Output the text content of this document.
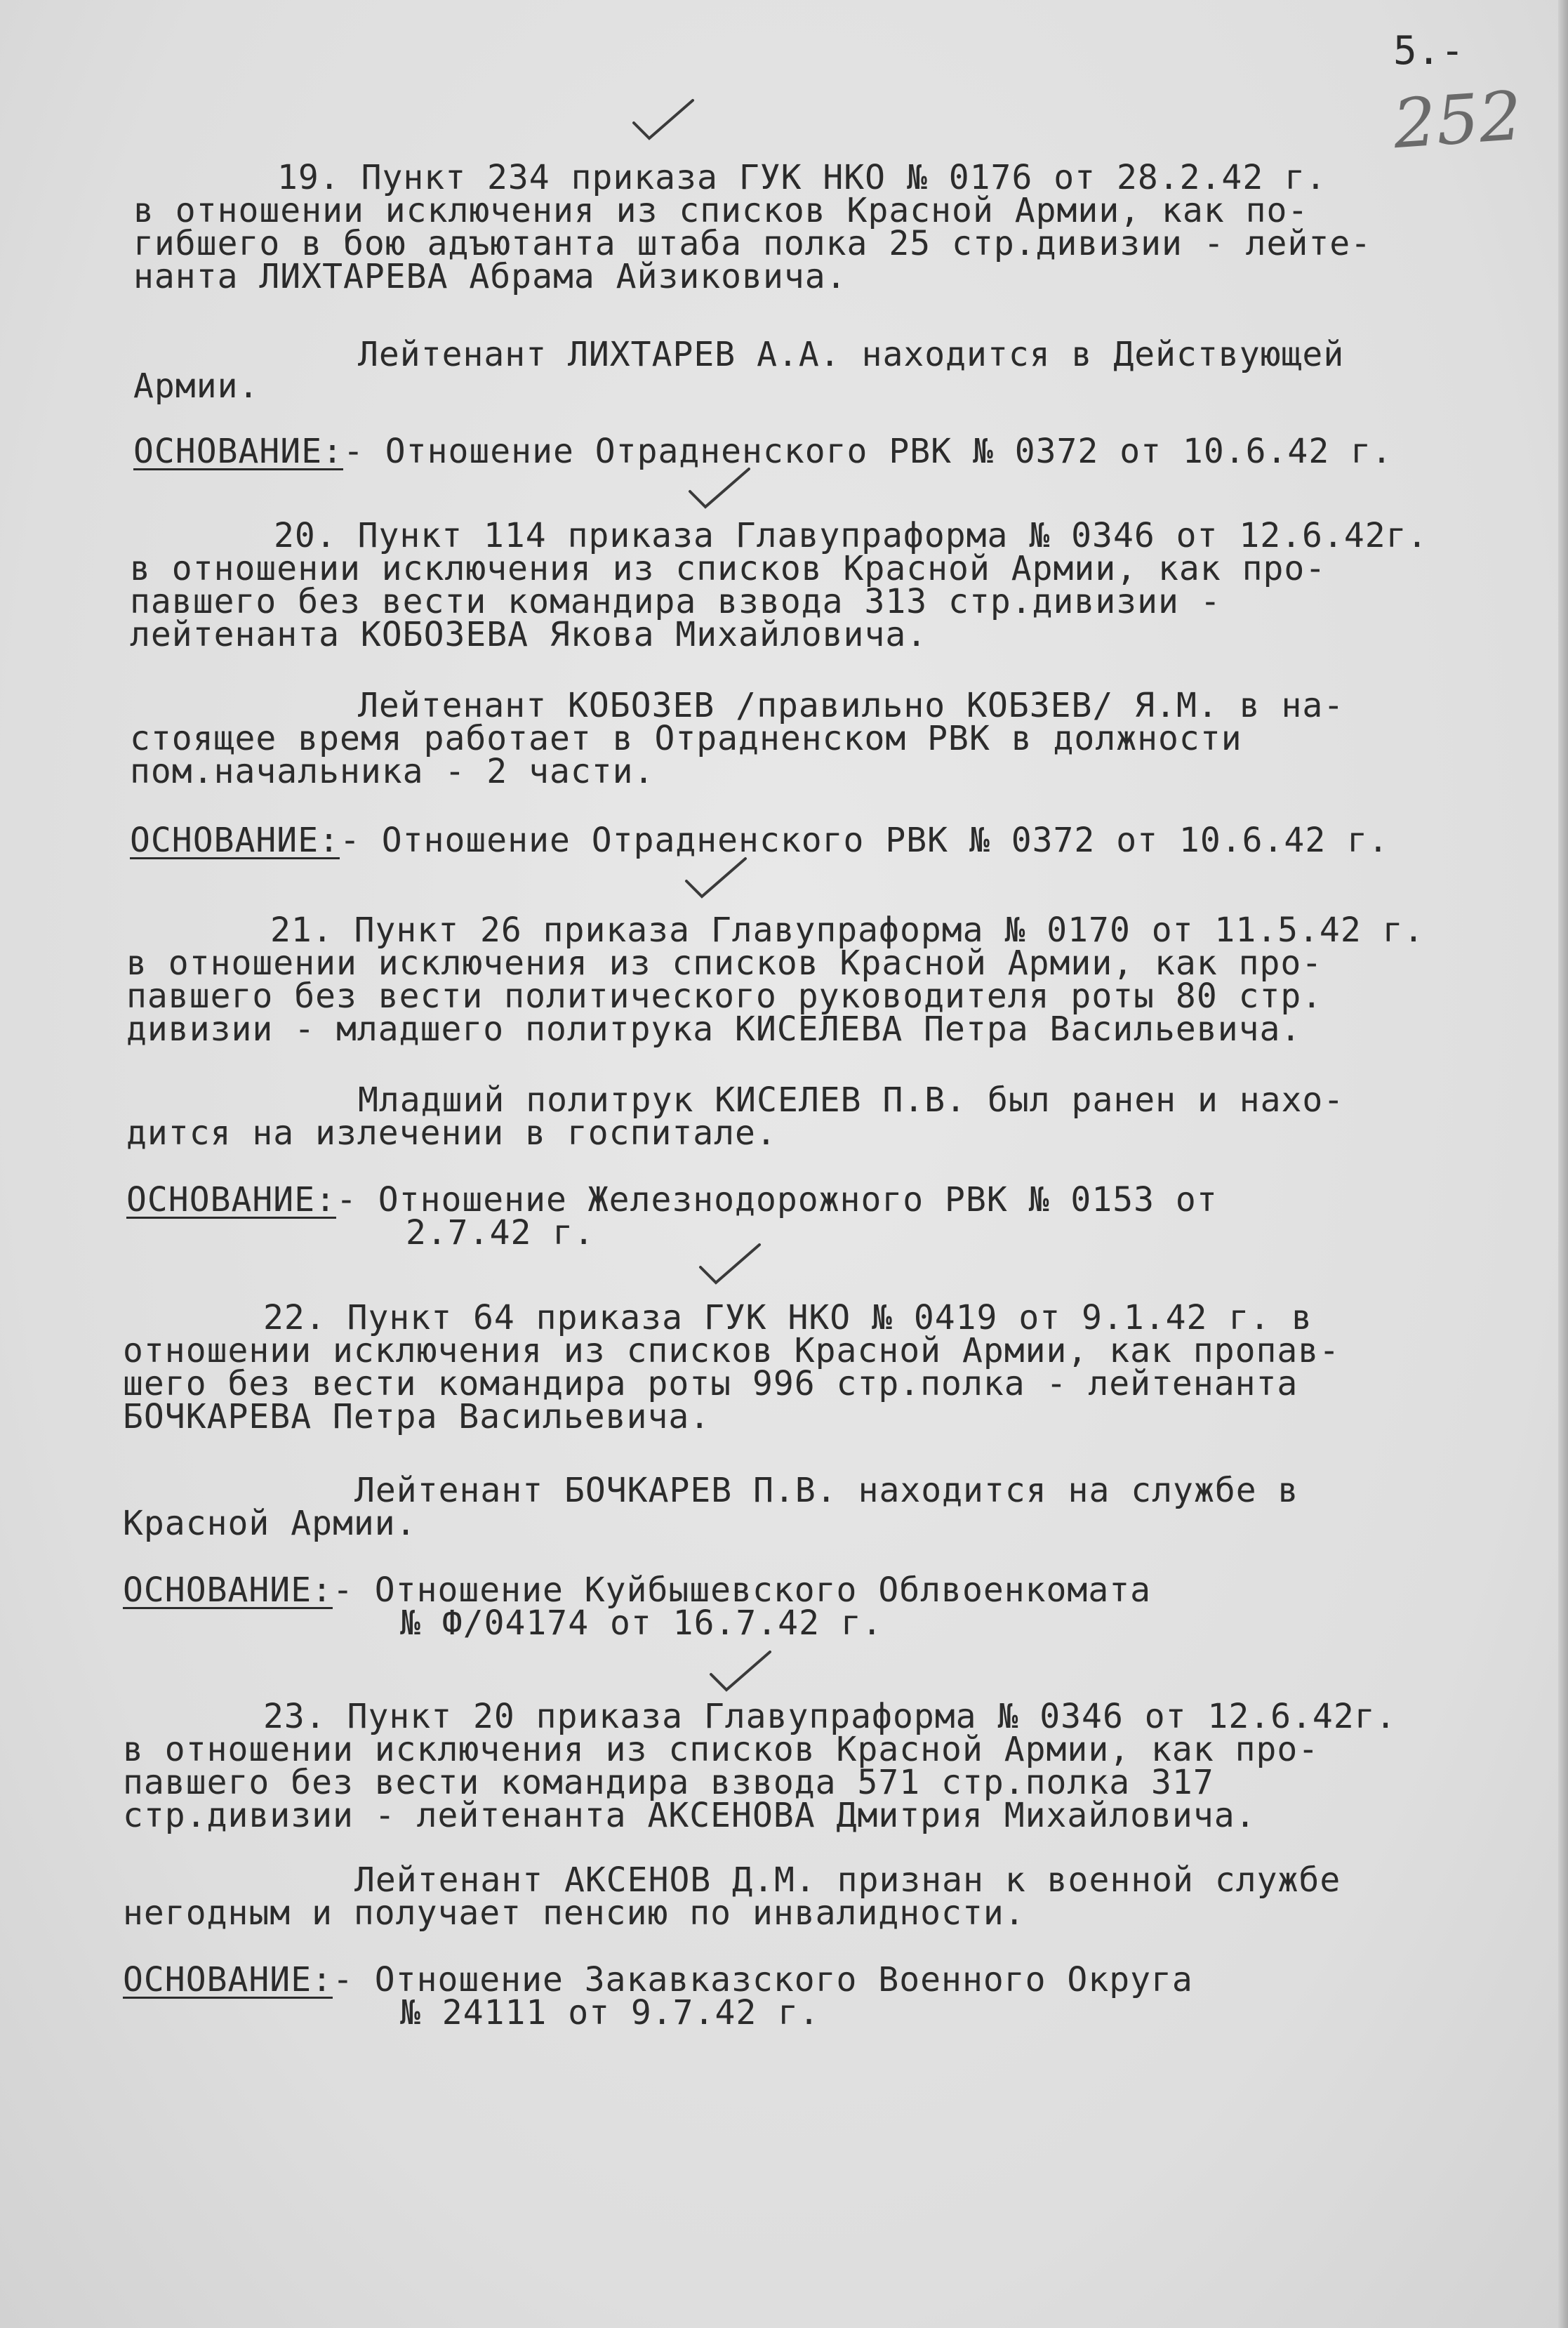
5.-
252
19. Пункт 234 приказа ГУК НКО № 0176 от 28.2.42 г.
в отношении исключения из списков Красной Армии, как по-
гибшего в бою адъютанта штаба полка 25 стр.дивизии - лейте-
нанта ЛИХТАРЕВА Абрама Айзиковича.
Лейтенант ЛИХТАРЕВ А.А. находится в Действующей
Армии.
ОСНОВАНИЕ:- Отношение Отрадненского РВК № 0372 от 10.6.42 г.
20. Пункт 114 приказа Главупраформа № 0346 от 12.6.42г.
в отношении исключения из списков Красной Армии, как про-
павшего без вести командира взвода 313 стр.дивизии -
лейтенанта КОБОЗЕВА Якова Михайловича.
Лейтенант КОБОЗЕВ /правильно КОБЗЕВ/ Я.М. в на-
стоящее время работает в Отрадненском РВК в должности
пом.начальника - 2 части.
ОСНОВАНИЕ:- Отношение Отрадненского РВК № 0372 от 10.6.42 г.
21. Пункт 26 приказа Главупраформа № 0170 от 11.5.42 г.
в отношении исключения из списков Красной Армии, как про-
павшего без вести политического руководителя роты 80 стр.
дивизии - младшего политрука КИСЕЛЕВА Петра Васильевича.
Младший политрук КИСЕЛЕВ П.В. был ранен и нахо-
дится на излечении в госпитале.
ОСНОВАНИЕ:- Отношение Железнодорожного РВК № 0153 от
2.7.42 г.
22. Пункт 64 приказа ГУК НКО № 0419 от 9.1.42 г. в
отношении исключения из списков Красной Армии, как пропав-
шего без вести командира роты 996 стр.полка - лейтенанта
БОЧКАРЕВА Петра Васильевича.
Лейтенант БОЧКАРЕВ П.В. находится на службе в
Красной Армии.
ОСНОВАНИЕ:- Отношение Куйбышевского Облвоенкомата
№ Ф/04174 от 16.7.42 г.
23. Пункт 20 приказа Главупраформа № 0346 от 12.6.42г.
в отношении исключения из списков Красной Армии, как про-
павшего без вести командира взвода 571 стр.полка 317
стр.дивизии - лейтенанта АКСЕНОВА Дмитрия Михайловича.
Лейтенант АКСЕНОВ Д.М. признан к военной службе
негодным и получает пенсию по инвалидности.
ОСНОВАНИЕ:- Отношение Закавказского Военного Округа
№ 24111 от 9.7.42 г.
